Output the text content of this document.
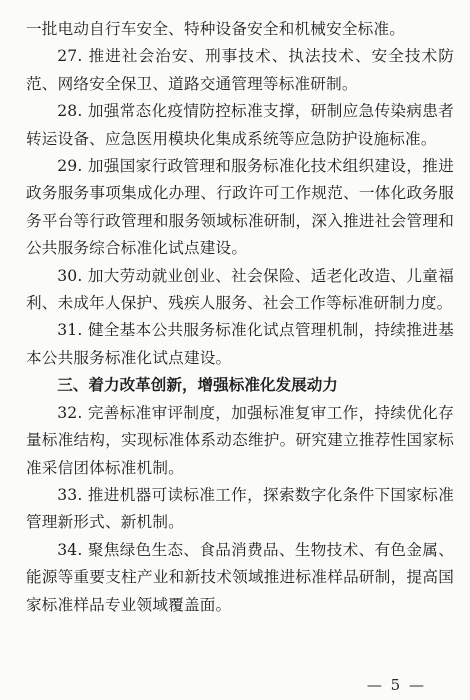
一批电动自行车安全、特种设备安全和机械安全标准。

27. 推进社会治安、刑事技术、执法技术、安全技术防范、网络安全保卫、道路交通管理等标准研制。

28. 加强常态化疫情防控标准支撑，研制应急传染病患者转运设备、应急医用模块化集成系统等应急防护设施标准。

29. 加强国家行政管理和服务标准化技术组织建设，推进政务服务事项集成化办理、行政许可工作规范、一体化政务服务平台等行政管理和服务领域标准研制，深入推进社会管理和公共服务综合标准化试点建设。

30. 加大劳动就业创业、社会保险、适老化改造、儿童福利、未成年人保护、残疾人服务、社会工作等标准研制力度。

31. 健全基本公共服务标准化试点管理机制，持续推进基本公共服务标准化试点建设。

三、着力改革创新，增强标准化发展动力

32. 完善标准审评制度，加强标准复审工作，持续优化存量标准结构，实现标准体系动态维护。研究建立推荐性国家标准采信团体标准机制。

33. 推进机器可读标准工作，探索数字化条件下国家标准管理新形式、新机制。

34. 聚焦绿色生态、食品消费品、生物技术、有色金属、能源等重要支柱产业和新技术领域推进标准样品研制，提高国家标准样品专业领域覆盖面。

— 5 —
